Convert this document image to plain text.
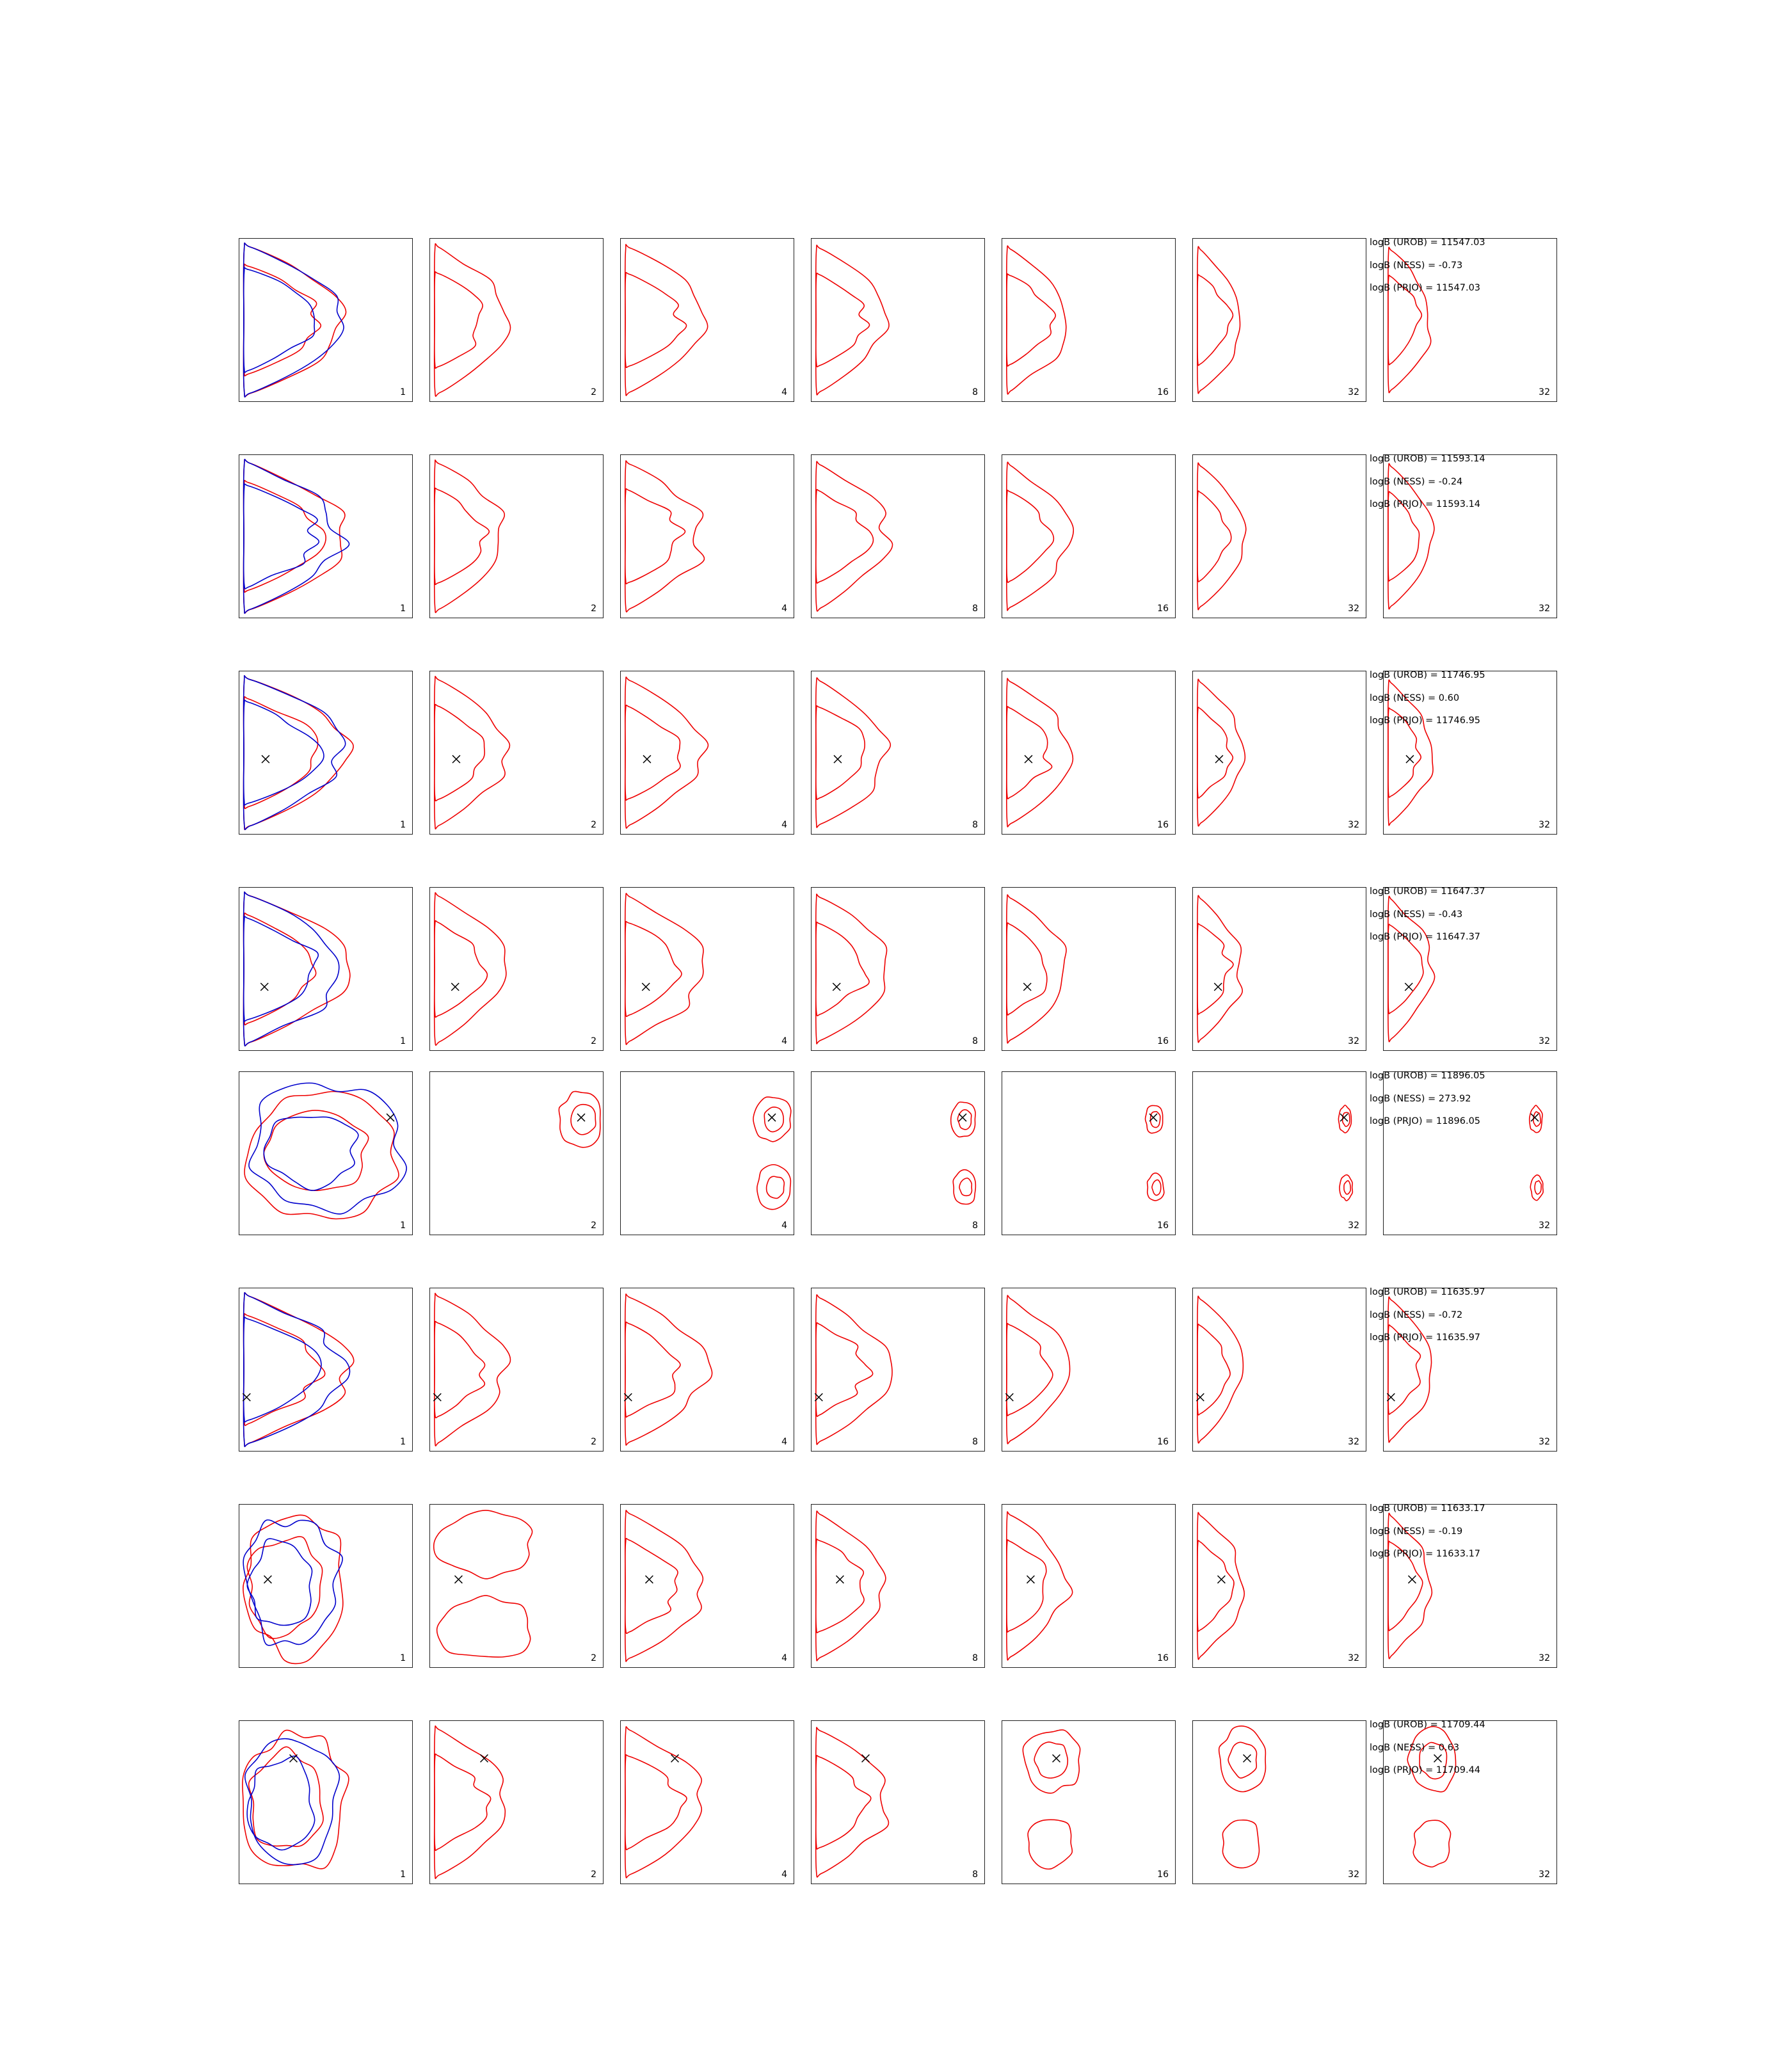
1	2	4	8	16	32	32
logB (UROB) = 11547.03
logB (NESS) = -0.73
logB (PRJO) = 11547.03
1	2	4	8	16	32	32
logB (UROB) = 11593.14
logB (NESS) = -0.24
logB (PRJO) = 11593.14
1	2	4	8	16	32	32
logB (UROB) = 11746.95
logB (NESS) = 0.60
logB (PRJO) = 11746.95
1	2	4	8	16	32	32
logB (UROB) = 11647.37
logB (NESS) = -0.43
logB (PRJO) = 11647.37
1	2	4	8	16	32	32
logB (UROB) = 11896.05
logB (NESS) = 273.92
logB (PRJO) = 11896.05
1	2	4	8	16	32	32
logB (UROB) = 11635.97
logB (NESS) = -0.72
logB (PRJO) = 11635.97
1	2	4	8	16	32	32
logB (UROB) = 11633.17
logB (NESS) = -0.19
logB (PRJO) = 11633.17
1	2	4	8	16	32	32
logB (UROB) = 11709.44
logB (NESS) = 0.63
logB (PRJO) = 11709.44
